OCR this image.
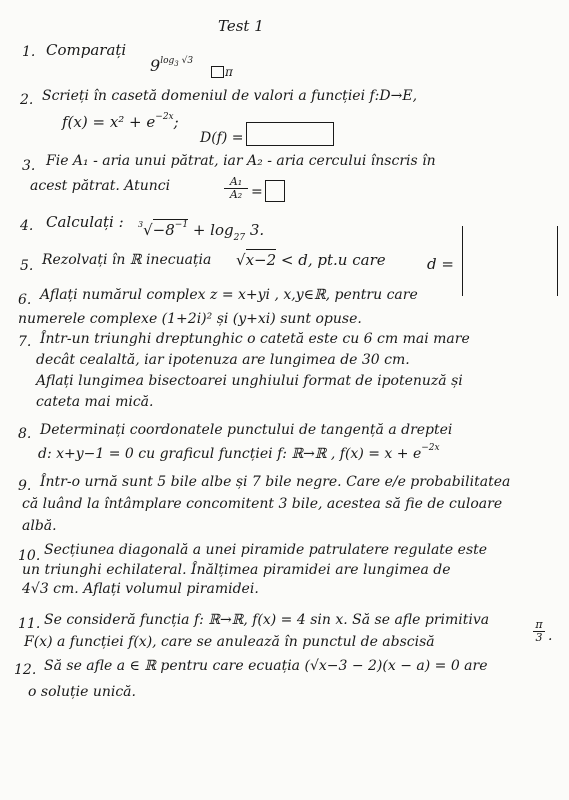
Test 1
1. Comparați
$9^{log_3 √3}$
π
2. Scrieți în casetă domeniul de valori a funcției f:D→E,
$f(x) = x^2 + e^{-2x}$;
D(f) =
3. Fie A₁ - aria unui pătrat, iar A₂ - aria cercului înscris în
acest pătrat. Atunci	$\frac{\text{A₁}}{\text{A₂}}$ =
4. Calculați : $^3√-8^{-1} + \log_{27} 3$.
5. Rezolvați în ℝ inecuația √x−2 < d, pt.u care	d =
6. Aflați numărul complex z = x+yi , x,y∈ℝ, pentru care
numerele complexe (1+2i)² și (y+xi) sunt opuse.
7. Într-un triunghi dreptunghic o catetă este cu 6 cm mai mare
decât cealaltă, iar ipotenuza are lungimea de 30 cm.
Aflați lungimea bisectoarei unghiului format de ipotenuză și
cateta mai mică.
8. Determinați coordonatele punctului de tangență a dreptei
d: x+y−1 = 0 cu graficul funcției f: ℝ→ℝ , $f(x) = x + e^{-2x}$
9. Într-o urnă sunt 5 bile albe și 7 bile negre. Care e/e probabilitatea
că luând la întâmplare concomitent 3 bile, acestea să fie de culoare
albă.
10. Secțiunea diagonală a unei piramide patrulatere regulate este
un triunghi echilateral. Înălțimea piramidei are lungimea de
4√3 cm. Aflați volumul piramidei.
11. Se consideră funcția f: ℝ→ℝ, f(x) = 4 sin x. Să se afle primitiva
F(x) a funcției f(x), care se anulează în punctul de abscisă	$\frac{\pi}{3}$ .
12. Să se afle a ∈ ℝ pentru care ecuația (√x−3 − 2)(x − a) = 0 are
o soluție unică.
